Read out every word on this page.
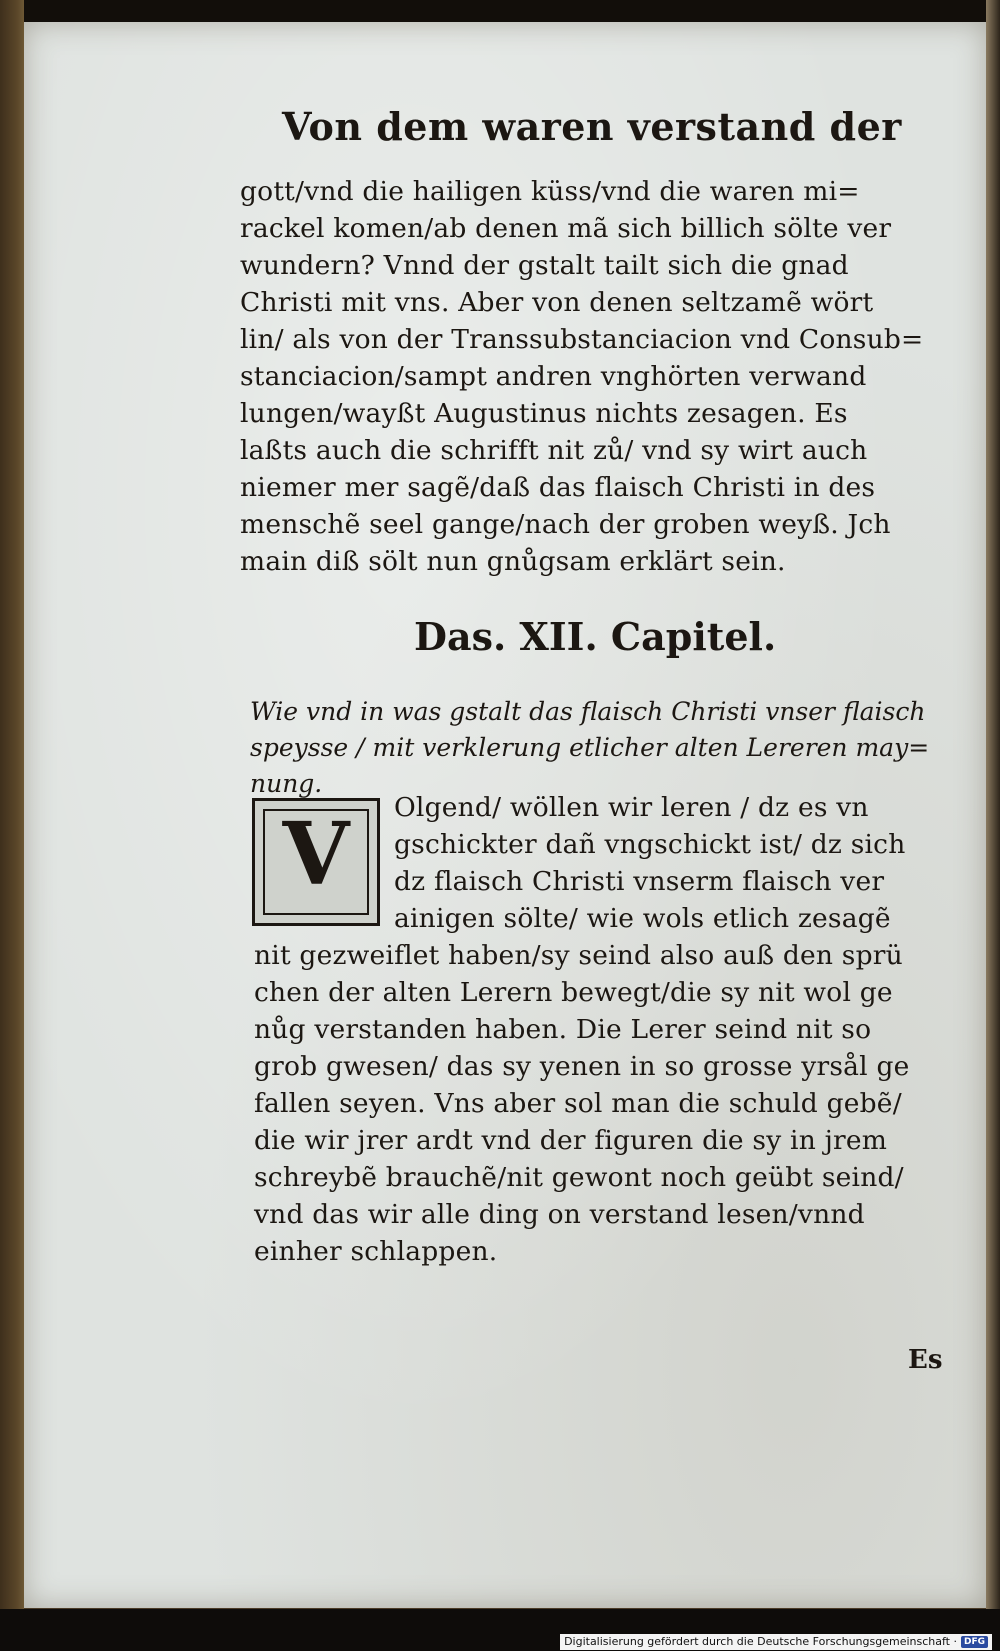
Von dem waren verstand der
gott/vnd die hailigen küss/vnd die waren mi=
rackel komen/ab denen mã sich billich sölte ver
wundern? Vnnd der gstalt tailt sich die gnad
Christi mit vns. Aber von denen seltzamẽ wört
lin/ als von der Transsubstanciacion vnd Consub=
stanciacion/sampt andren vnghörten verwand
lungen/wayßt Augustinus nichts zesagen. Es
laßts auch die schrifft nit zů/ vnd sy wirt auch
niemer mer sagẽ/daß das flaisch Christi in des
menschẽ seel gange/nach der groben weyß. Jch
main diß sölt nun gnůgsam erklärt sein.
Das. XII. Capitel.
Wie vnd in was gstalt das flaisch Christi vnser flaisch
speysse / mit verklerung etlicher alten Lereren may=
nung.
V	Olgend/ wöllen wir leren / dz es vn
gschickter dañ vngschickt ist/ dz sich
dz flaisch Christi vnserm flaisch ver
ainigen sölte/ wie wols etlich zesagẽ
nit gezweiflet haben/sy seind also auß den sprü
chen der alten Lerern bewegt/die sy nit wol ge
nůg verstanden haben. Die Lerer seind nit so
grob gwesen/ das sy yenen in so grosse yrsål ge
fallen seyen. Vns aber sol man die schuld gebẽ/
die wir jrer ardt vnd der figuren die sy in jrem
schreybẽ brauchẽ/nit gewont noch geübt seind/
vnd das wir alle ding on verstand lesen/vnnd
einher schlappen.
Es
Digitalisierung gefördert durch die Deutsche Forschungsgemeinschaft · DFG
